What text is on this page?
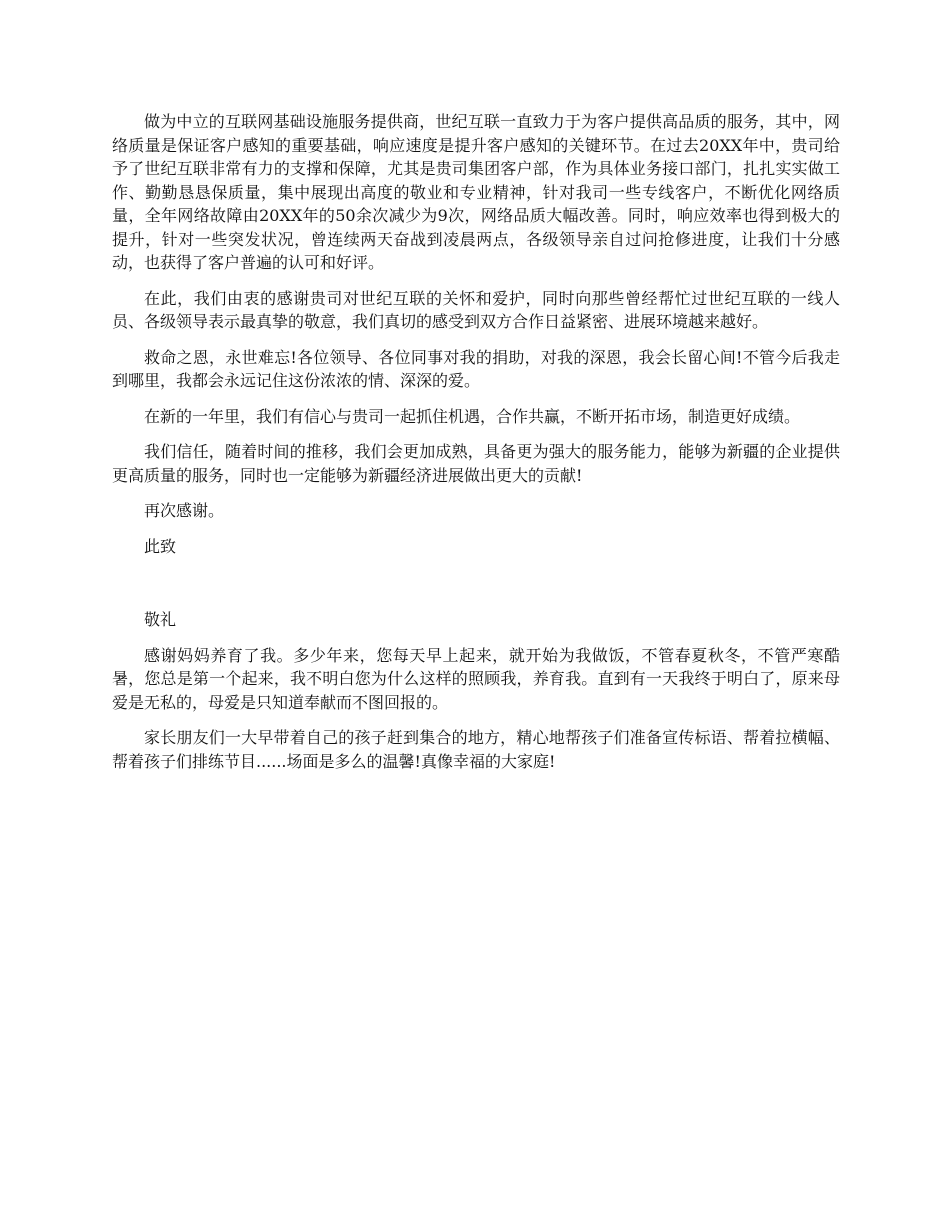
做为中立的互联网基础设施服务提供商，世纪互联一直致力于为客户提供高品质的服务，其中，网络质量是保证客户感知的重要基础，响应速度是提升客户感知的关键环节。在过去20XX年中，贵司给予了世纪互联非常有力的支撑和保障，尤其是贵司集团客户部，作为具体业务接口部门，扎扎实实做工作、勤勤恳恳保质量，集中展现出高度的敬业和专业精神，针对我司一些专线客户，不断优化网络质量，全年网络故障由20XX年的50余次减少为9次，网络品质大幅改善。同时，响应效率也得到极大的提升，针对一些突发状况，曾连续两天奋战到凌晨两点，各级领导亲自过问抢修进度，让我们十分感动，也获得了客户普遍的认可和好评。

在此，我们由衷的感谢贵司对世纪互联的关怀和爱护，同时向那些曾经帮忙过世纪互联的一线人员、各级领导表示最真挚的敬意，我们真切的感受到双方合作日益紧密、进展环境越来越好。

救命之恩，永世难忘!各位领导、各位同事对我的捐助，对我的深恩，我会长留心间!不管今后我走到哪里，我都会永远记住这份浓浓的情、深深的爱。

在新的一年里，我们有信心与贵司一起抓住机遇，合作共赢，不断开拓市场，制造更好成绩。

我们信任，随着时间的推移，我们会更加成熟，具备更为强大的服务能力，能够为新疆的企业提供更高质量的服务，同时也一定能够为新疆经济进展做出更大的贡献!

再次感谢。

此致

敬礼

感谢妈妈养育了我。多少年来，您每天早上起来，就开始为我做饭，不管春夏秋冬，不管严寒酷暑，您总是第一个起来，我不明白您为什么这样的照顾我，养育我。直到有一天我终于明白了，原来母爱是无私的，母爱是只知道奉献而不图回报的。

家长朋友们一大早带着自己的孩子赶到集合的地方，精心地帮孩子们准备宣传标语、帮着拉横幅、帮着孩子们排练节目......场面是多么的温馨!真像幸福的大家庭!
